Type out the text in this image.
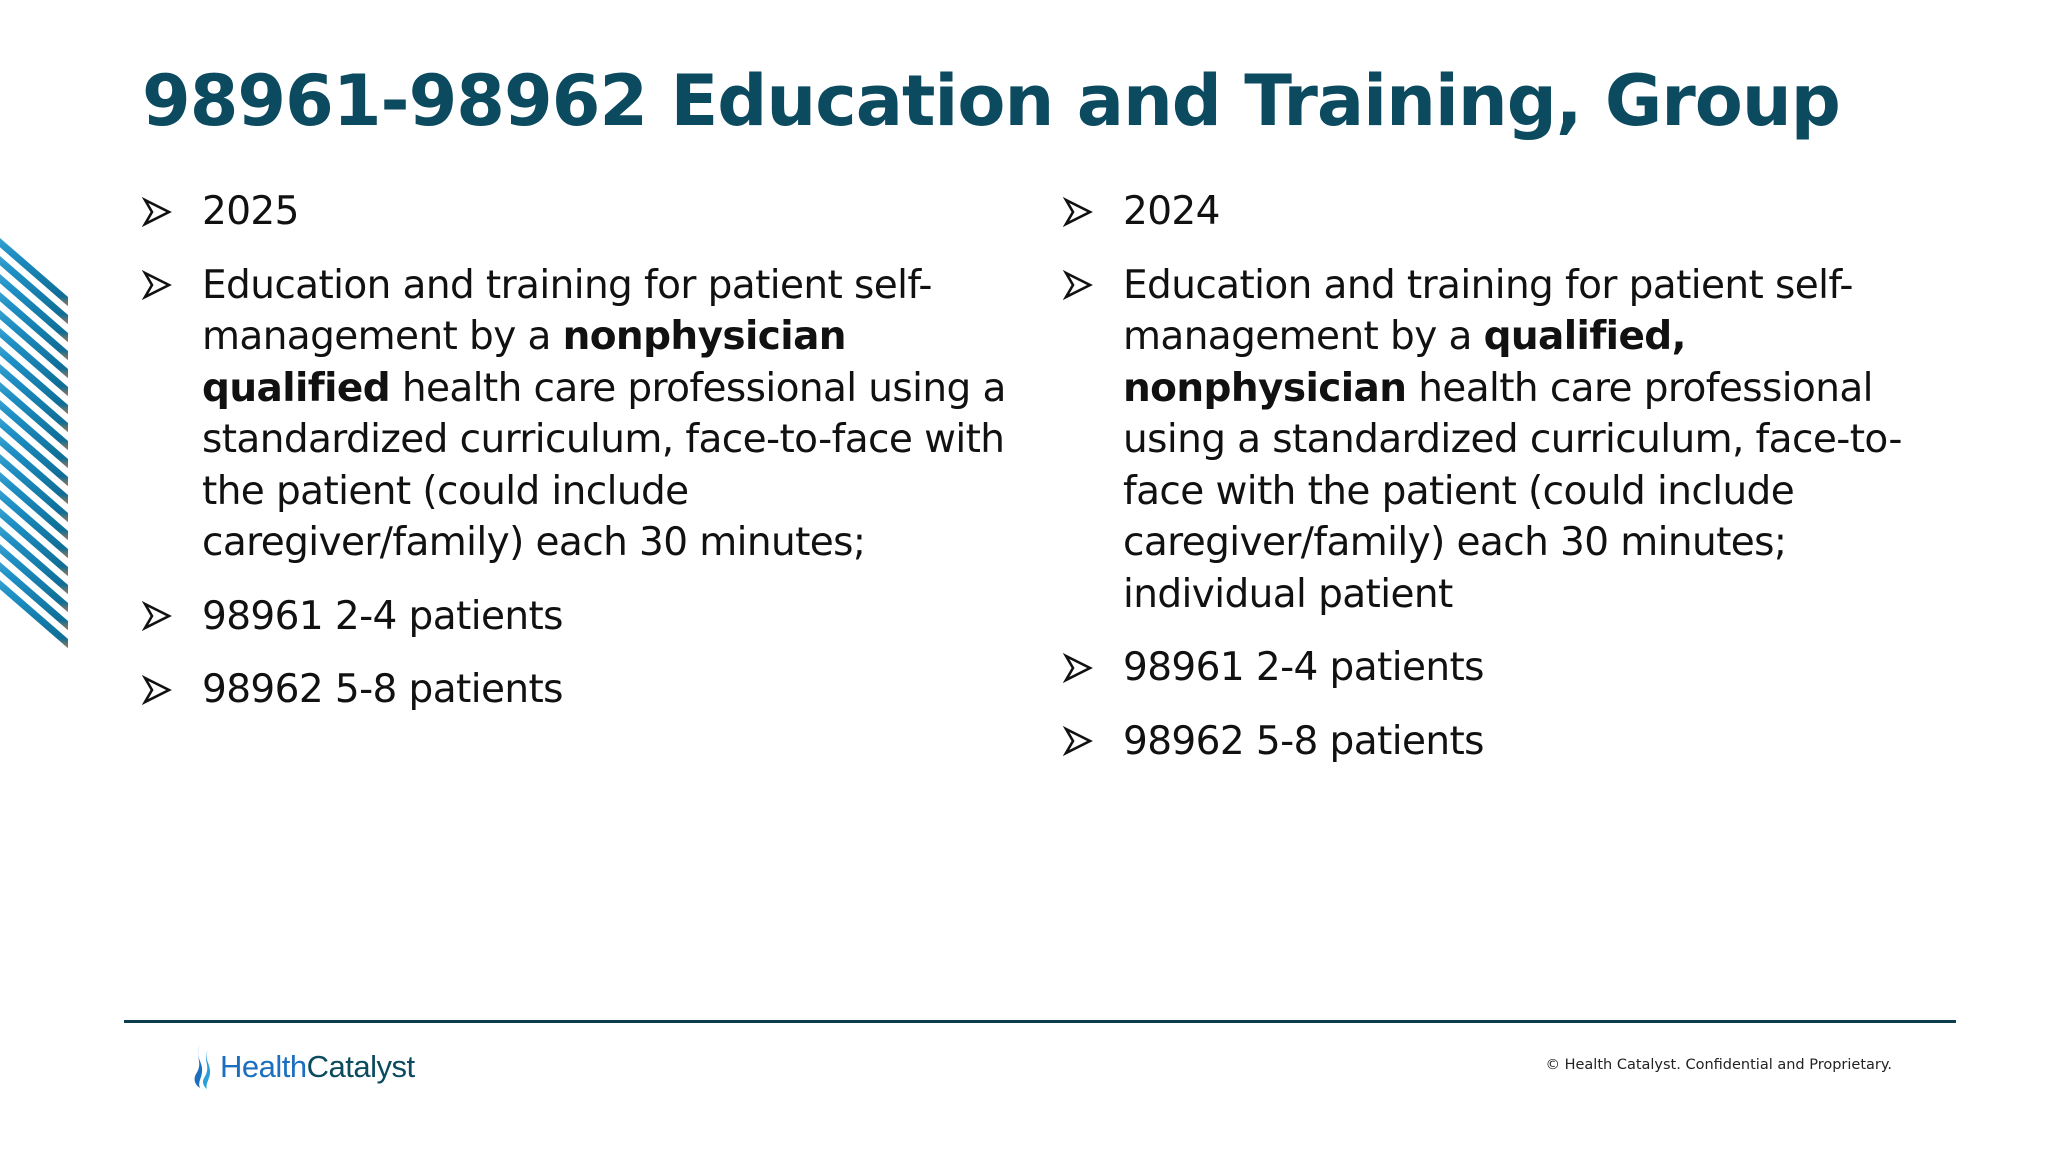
98961-98962 Education and Training, Group
2025
Education and training for patient self-management by a nonphysician qualified health care professional using a standardized curriculum, face-to-face with the patient (could include caregiver/family) each 30 minutes;
98961 2-4 patients
98962 5-8 patients
2024
Education and training for patient self-management by a qualified, nonphysician health care professional using a standardized curriculum, face-to-face with the patient (could include caregiver/family) each 30 minutes; individual patient
98961 2-4 patients
98962 5-8 patients
Health Catalyst	© Health Catalyst. Confidential and Proprietary.
